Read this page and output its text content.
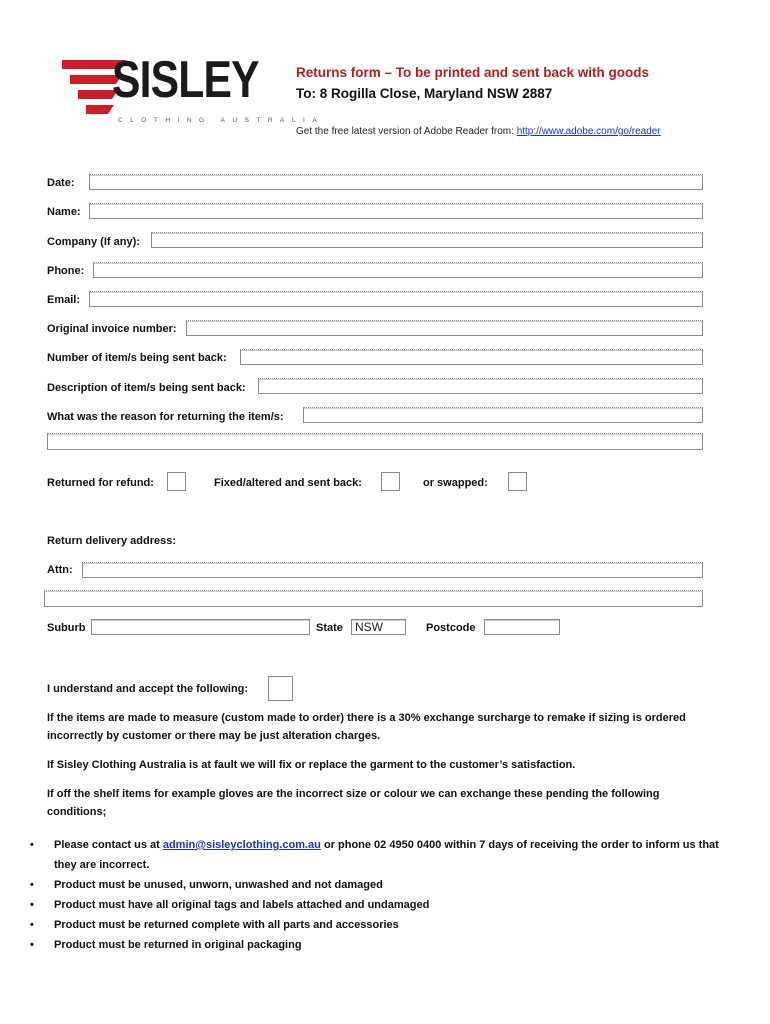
SISLEY
CLOTHING AUSTRALIA
Returns form – To be printed and sent back with goods
To: 8 Rogilla Close, Maryland NSW 2887
Get the free latest version of Adobe Reader from: http://www.adobe.com/go/reader
Date:
Name:
Company (If any):
Phone:
Email:
Original invoice number:
Number of item/s being sent back:
Description of item/s being sent back:
What was the reason for returning the item/s:
Returned for refund:	Fixed/altered and sent back:	or swapped:
Return delivery address:
Attn:
Suburb	State	NSW	Postcode
I understand and accept the following:
If the items are made to measure (custom made to order) there is a 30% exchange surcharge to remake if sizing is ordered incorrectly by customer or there may be just alteration charges.
If Sisley Clothing Australia is at fault we will fix or replace the garment to the customer’s satisfaction.
If off the shelf items for example gloves are the incorrect size or colour we can exchange these pending the following conditions;
• Please contact us at admin@sisleyclothing.com.au or phone 02 4950 0400 within 7 days of receiving the order to inform us that they are incorrect.
• Product must be unused, unworn, unwashed and not damaged
• Product must have all original tags and labels attached and undamaged
• Product must be returned complete with all parts and accessories
• Product must be returned in original packaging
